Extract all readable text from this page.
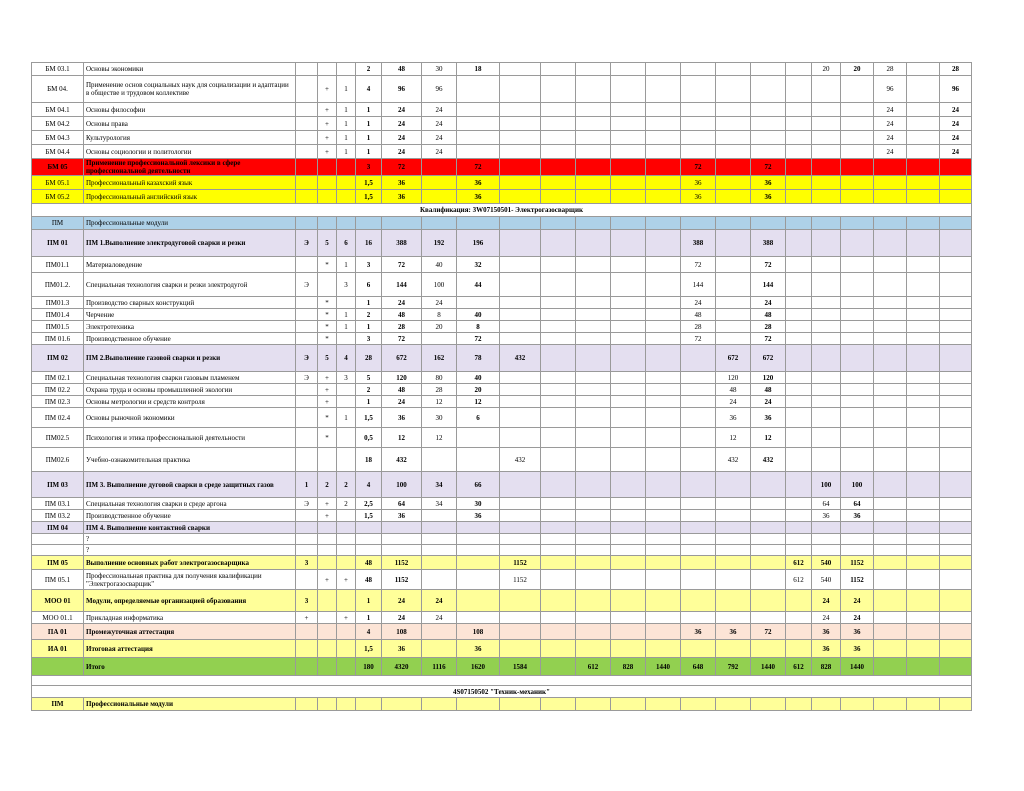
БМ 03.1	Основы экономики				2	48	30	18										20	20	28		28
БМ 04.	Применение основ социальных наук для социализации и адаптации в обществе и трудовом коллективе		+	1	4	96	96													96		96
БМ 04.1	Основы философии		+	1	1	24	24													24		24
БМ 04.2	Основы права		+	1	1	24	24													24		24
БМ 04.3	Культурология		+	1	1	24	24													24		24
БМ 04.4	Основы социологии и политологии		+	1	1	24	24													24		24
БМ 05	Применение профессиональной лексики в сфере профессиональной деятельности				3	72		72						72		72						
БМ 05.1	Профессиональный казахский язык				1,5	36		36						36		36						
БМ 05.2	Профессиональный английский язык				1,5	36		36						36		36						
Квалификация: 3W07150501- Электрогазосварщик																						
ПМ	Профессиональные модули																					
ПМ 01	ПМ 1.Выполнение электродуговой сварки и резки	Э	5	6	16	388	192	196						388		388						
ПМ01.1	Материаловедение		*	1	3	72	40	32						72		72						
ПМ01.2.	Специальная технология сварки и резки электродугой	Э		3	6	144	100	44						144		144						
ПМ01.3	Производство сварных конструкций		*		1	24	24							24		24						
ПМ01.4	Черчение		*	1	2	48	8	40						48		48						
ПМ01.5	Электротехника		*	1	1	28	20	8						28		28						
ПМ 01.6	Производственное обучение		*		3	72		72						72		72						
ПМ 02	ПМ 2.Выполнение газовой сварки и резки	Э	5	4	28	672	162	78	432						672	672						
ПМ 02.1	Специальная технология сварки газовым пламенем	Э	+	3	5	120	80	40							120	120						
ПМ 02.2	Охрана труда и основы промышленной экологии		+		2	48	28	20							48	48						
ПМ 02.3	Основы метрологии и средств контроля		+		1	24	12	12							24	24						
ПМ 02.4	Основы рыночной экономики		*	1	1,5	36	30	6							36	36						
ПМ02.5	Психология и этика профессиональной деятельности		*		0,5	12	12								12	12						
ПМ02.6	Учебно-ознакомительная практика				18	432			432						432	432						
ПМ 03	ПМ 3. Выполнение дуговой сварки в среде защитных газов	1	2	2	4	100	34	66										100	100			
ПМ 03.1	Специальная технология сварки в среде аргона	Э	+	2	2,5	64	34	30										64	64			
ПМ 03.2	Производственное обучение		+		1,5	36		36										36	36			
ПМ 04	ПМ 4. Выполнение контактной сварки																					
	?																					
	?																					
ПМ 05	Выполнение основных работ электрогазосварщика	3			48	1152			1152								612	540	1152			
ПМ 05.1	Профессиональная практика для получения квалификации "Электрогазосварщик"		+	+	48	1152			1152								612	540	1152			
МОО 01	Модули, определяемые организацией образования	3			1	24	24											24	24			
МОО 01.1	Прикладная информатика	+		+	1	24	24											24	24			
ПА 01	Промежуточная аттестация				4	108		108						36	36	72		36	36			
ИА 01	Итоговая аттестация				1,5	36		36										36	36			
	Итого				180	4320	1116	1620	1584		612	828	1440	648	792	1440	612	828	1440			

4S07150502 "Техник-механик"																						
ПМ	Профессиональные модули																					
